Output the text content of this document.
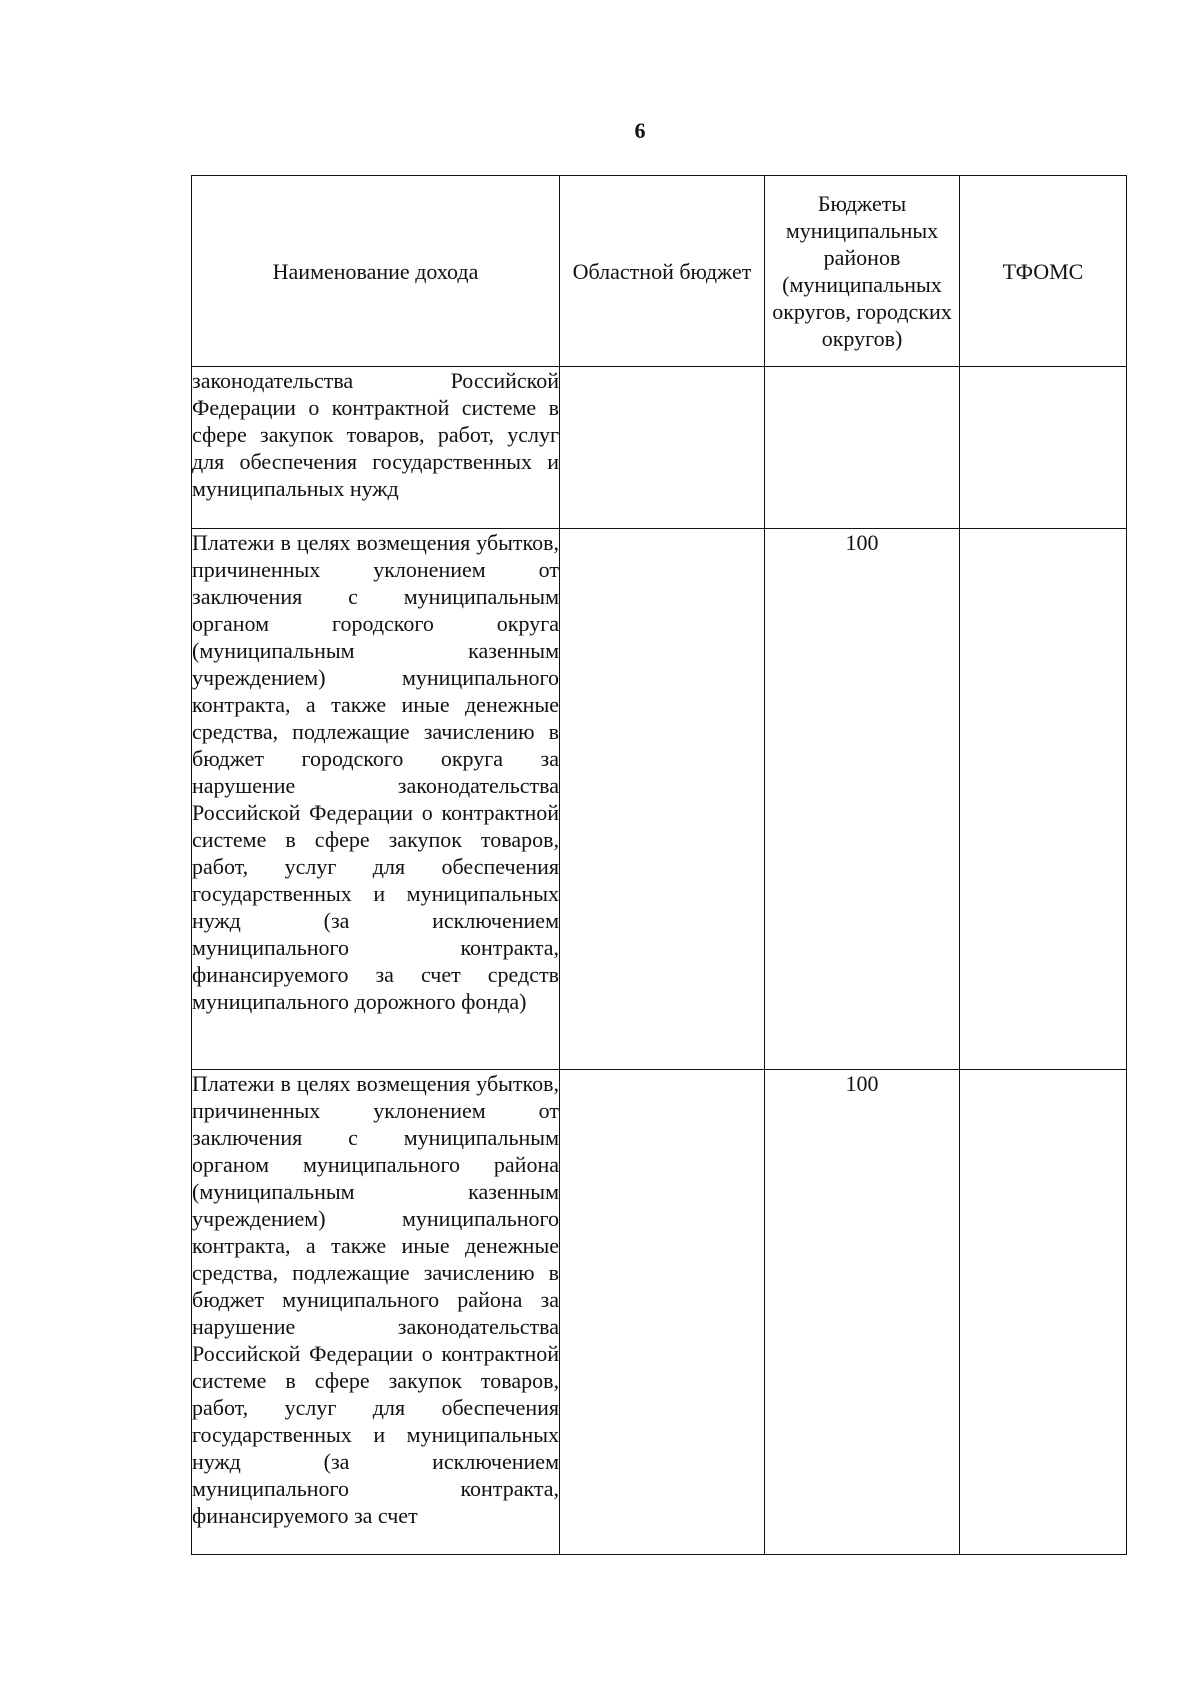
6
Наименование дохода	Областной бюджет	Бюджеты муниципальных районов (муниципальных округов, городских округов)	ТФОМС

законодательства Российской Федерации о контрактной системе в сфере закупок товаров, работ, услуг для обеспечения государственных и муниципальных нужд			

Платежи в целях возмещения убытков, причиненных уклонением от заключения с муниципальным органом городского округа (муниципальным казенным учреждением) муниципального контракта, а также иные денежные средства, подлежащие зачислению в бюджет городского округа за нарушение законодательства Российской Федерации о контрактной системе в сфере закупок товаров, работ, услуг для обеспечения государственных и муниципальных нужд (за исключением муниципального контракта, финансируемого за счет средств муниципального дорожного фонда)		100	

Платежи в целях возмещения убытков, причиненных уклонением от заключения с муниципальным органом муниципального района (муниципальным казенным учреждением) муниципального контракта, а также иные денежные средства, подлежащие зачислению в бюджет муниципального района за нарушение законодательства Российской Федерации о контрактной системе в сфере закупок товаров, работ, услуг для обеспечения государственных и муниципальных нужд (за исключением муниципального контракта, финансируемого за счет		100	
